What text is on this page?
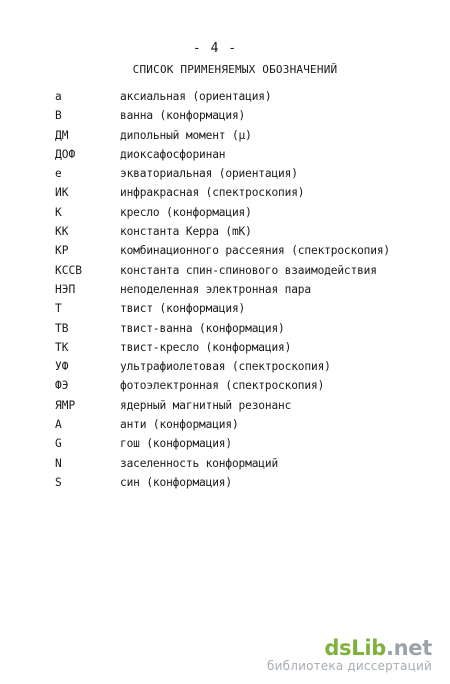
- 4 -
СПИСОК ПРИМЕНЯЕМЫХ ОБОЗНАЧЕНИЙ
а	аксиальная (ориентация)
В	ванна (конформация)
ДМ	дипольный момент (μ)
ДОФ	диоксафосфоринан
е	экваториальная (ориентация)
ИК	инфракрасная (спектроскопия)
К	кресло (конформация)
КК	константа Керра (mK)
КР	комбинационного рассеяния (спектроскопия)
КССВ	константа спин-спинового взаимодействия
НЭП	неподеленная электронная пара
Т	твист (конформация)
ТВ	твист-ванна (конформация)
ТК	твист-кресло (конформация)
УФ	ультрафиолетовая (спектроскопия)
ФЭ	фотоэлектронная (спектроскопия)
ЯМР	ядерный магнитный резонанс
А	анти (конформация)
G	гош (конформация)
N	заселенность конформаций
S	син (конформация)
dsLib.net
библиотека диссертаций
